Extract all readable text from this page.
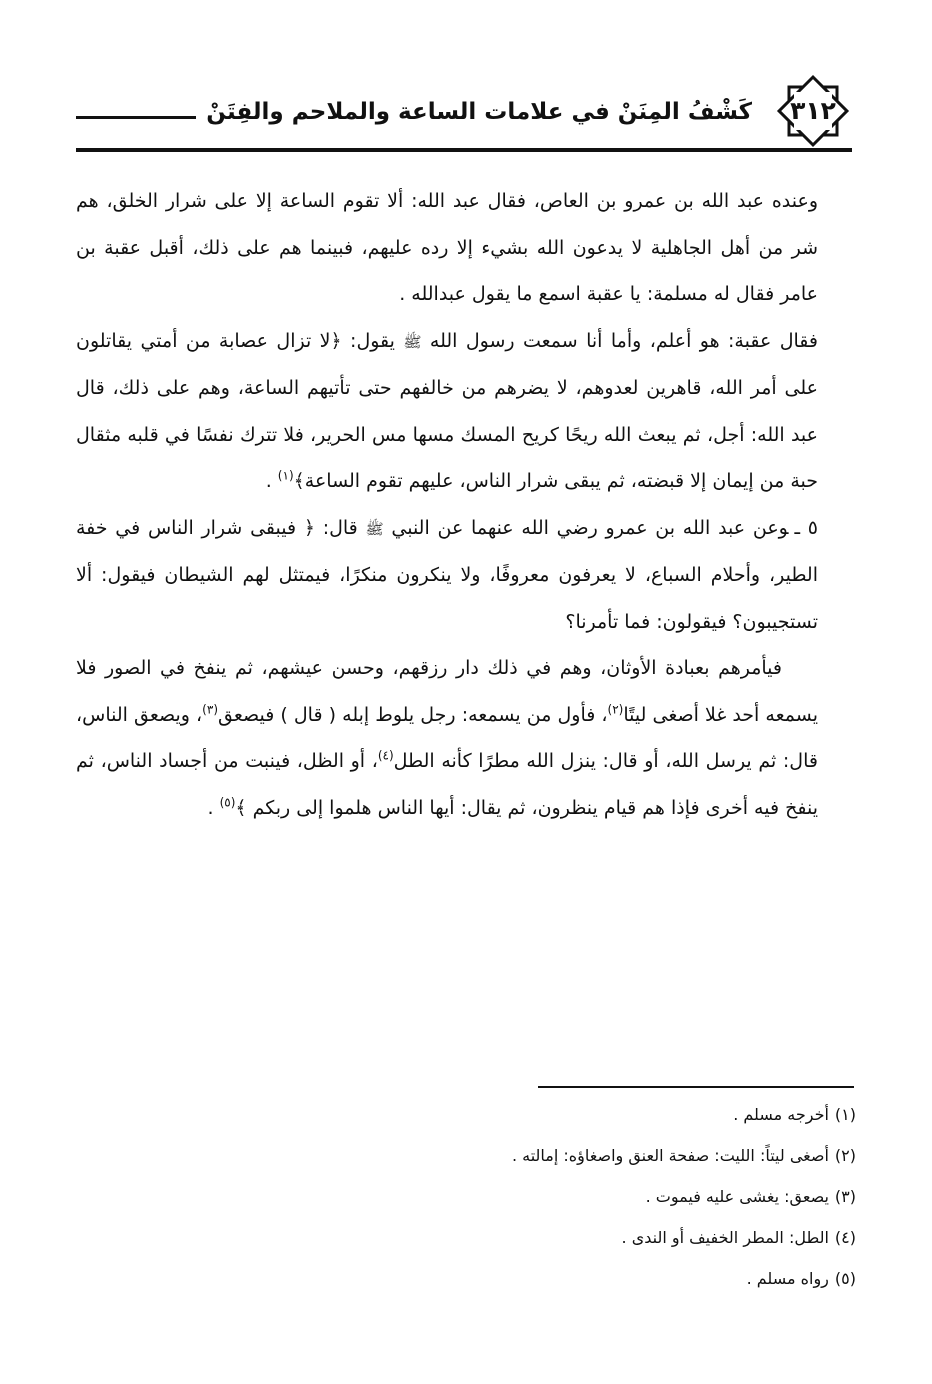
٣١٢
كَشْفُ المِنَنْ في علامات الساعة والملاحم والفِتَنْ

وعنده عبد الله بن عمرو بن العاص، فقال عبد الله: ألا تقوم الساعة إلا على شرار الخلق، هم شر من أهل الجاهلية لا يدعون الله بشيء إلا رده عليهم، فبينما هم على ذلك، أقبل عقبة بن عامر فقال له مسلمة: يا عقبة اسمع ما يقول عبدالله .

فقال عقبة: هو أعلم، وأما أنا سمعت رسول الله ﷺ يقول: ﴿لا تزال عصابة من أمتي يقاتلون على أمر الله، قاهرين لعدوهم، لا يضرهم من خالفهم حتى تأتيهم الساعة، وهم على ذلك، قال عبد الله: أجل، ثم يبعث الله ريحًا كريح المسك مسها مس الحرير، فلا تترك نفسًا في قلبه مثقال حبة من إيمان إلا قبضته، ثم يبقى شرار الناس، عليهم تقوم الساعة﴾$^{(١)}$ .

٥ ـوعن عبد الله بن عمرو رضي الله عنهما عن النبي ﷺ قال: ﴿ فيبقى شرار الناس في خفة الطير، وأحلام السباع، لا يعرفون معروفًا، ولا ينكرون منكرًا، فيمتثل لهم الشيطان فيقول: ألا تستجيبون؟ فيقولون: فما تأمرنا؟

فيأمرهم بعبادة الأوثان، وهم في ذلك دار رزقهم، وحسن عيشهم، ثم ينفخ في الصور فلا يسمعه أحد غلا أصغى ليتًا$^{(٢)}$، فأول من يسمعه: رجل يلوط إبله ( قال ) فيصعق$^{(٣)}$، ويصعق الناس، قال: ثم يرسل الله، أو قال: ينزل الله مطرًا كأنه الطل$^{(٤)}$، أو الظل، فينبت من أجساد الناس، ثم ينفخ فيه أخرى فإذا هم قيام ينظرون، ثم يقال: أيها الناس هلموا إلى ربكم ﴾$^{(٥)}$ .

(١)أخرجه مسلم .

(٢)أصغى ليتاً: الليت: صفحة العنق واصغاؤه: إمالته .

(٣)يصعق: يغشى عليه فيموت .

(٤)الطل: المطر الخفيف أو الندى .

(٥)رواه مسلم .
